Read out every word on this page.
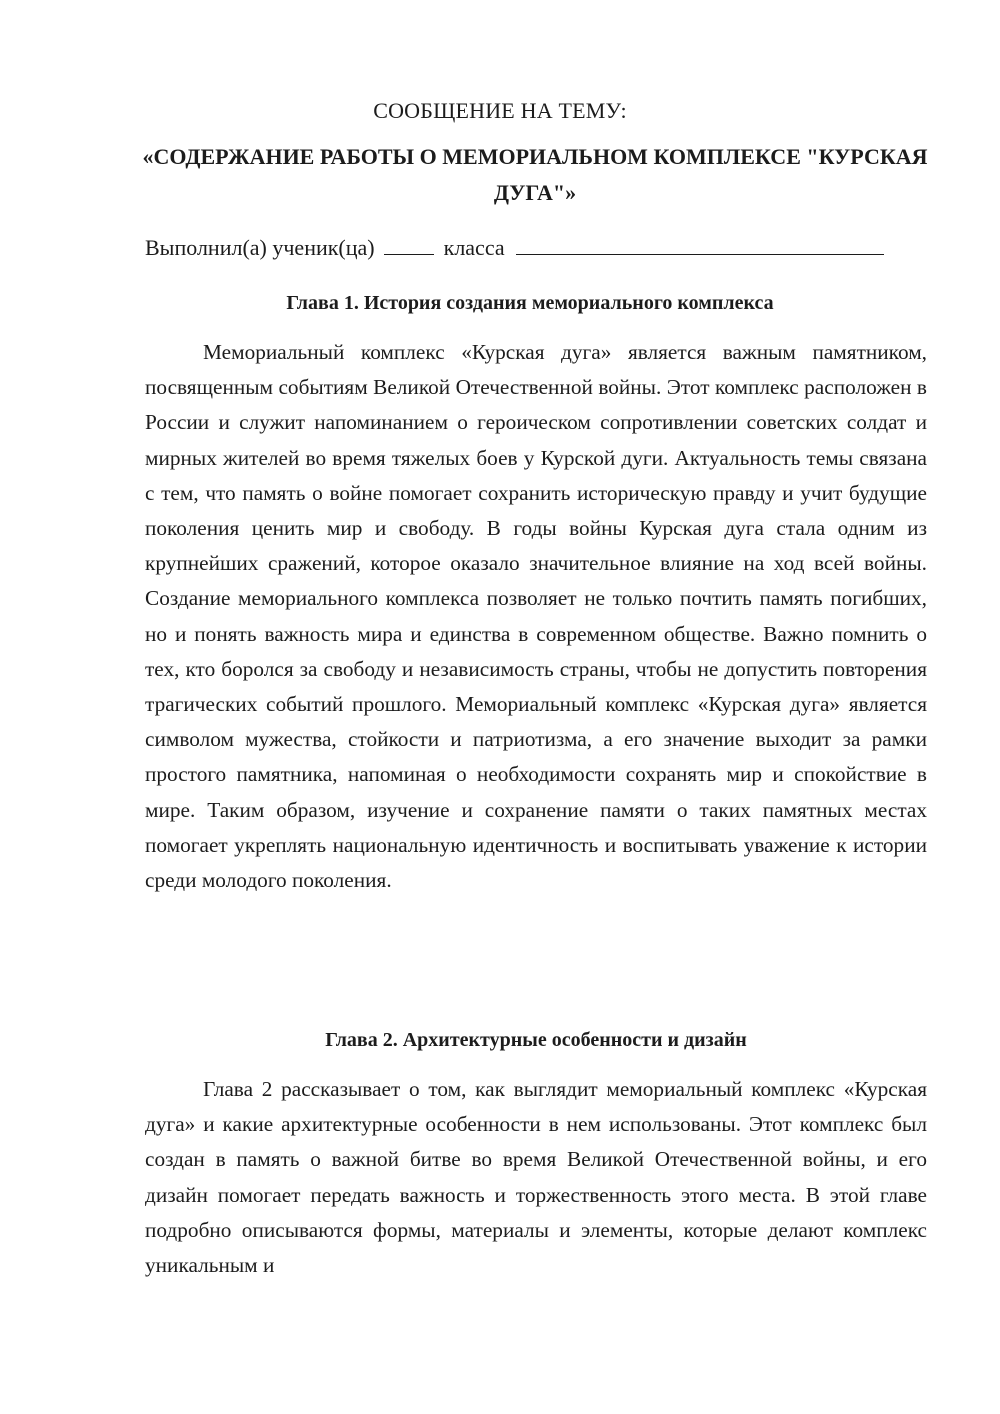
СООБЩЕНИЕ НА ТЕМУ:
«СОДЕРЖАНИЕ РАБОТЫ О МЕМОРИАЛЬНОМ КОМПЛЕКСЕ "КУРСКАЯ ДУГА"»
Выполнил(а) ученик(ца)	класса
Глава 1. История создания мемориального комплекса

Мемориальный комплекс «Курская дуга» является важным памятником, посвященным событиям Великой Отечественной войны. Этот комплекс расположен в России и служит напоминанием о героическом сопротивлении советских солдат и мирных жителей во время тяжелых боев у Курской дуги. Актуальность темы связана с тем, что память о войне помогает сохранить историческую правду и учит будущие поколения ценить мир и свободу. В годы войны Курская дуга стала одним из крупнейших сражений, которое оказало значительное влияние на ход всей войны. Создание мемориального комплекса позволяет не только почтить память погибших, но и понять важность мира и единства в современном обществе. Важно помнить о тех, кто боролся за свободу и независимость страны, чтобы не допустить повторения трагических событий прошлого. Мемориальный комплекс «Курская дуга» является символом мужества, стойкости и патриотизма, а его значение выходит за рамки простого памятника, напоминая о необходимости сохранять мир и спокойствие в мире. Таким образом, изучение и сохранение памяти о таких памятных местах помогает укреплять национальную идентичность и воспитывать уважение к истории среди молодого поколения.

Глава 2. Архитектурные особенности и дизайн

Глава 2 рассказывает о том, как выглядит мемориальный комплекс «Курская дуга» и какие архитектурные особенности в нем использованы. Этот комплекс был создан в память о важной битве во время Великой Отечественной войны, и его дизайн помогает передать важность и торжественность этого места. В этой главе подробно описываются формы, материалы и элементы, которые делают комплекс уникальным и
